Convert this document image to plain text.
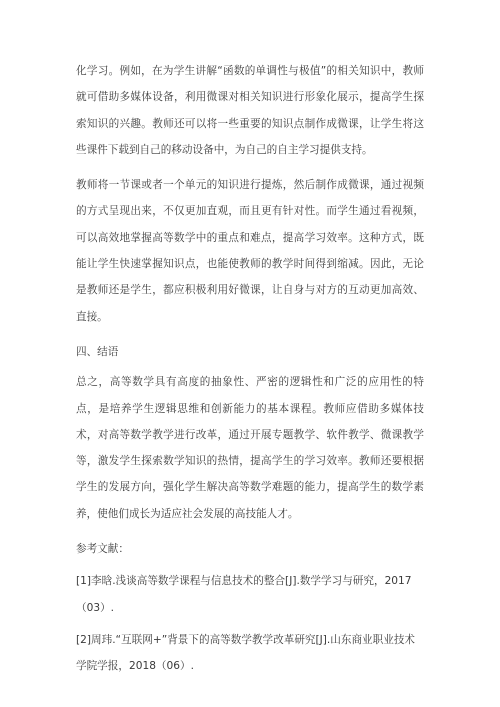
化学习。例如，在为学生讲解“函数的单调性与极值”的相关知识中，教师就可借助多媒体设备，利用微课对相关知识进行形象化展示，提高学生探索知识的兴趣。教师还可以将一些重要的知识点制作成微课，让学生将这些课件下载到自己的移动设备中，为自己的自主学习提供支持。

教师将一节课或者一个单元的知识进行提炼，然后制作成微课，通过视频的方式呈现出来，不仅更加直观，而且更有针对性。而学生通过看视频，可以高效地掌握高等数学中的重点和难点，提高学习效率。这种方式，既能让学生快速掌握知识点，也能使教师的教学时间得到缩减。因此，无论是教师还是学生，都应积极利用好微课，让自身与对方的互动更加高效、直接。

四、结语

总之，高等数学具有高度的抽象性、严密的逻辑性和广泛的应用性的特点，是培养学生逻辑思维和创新能力的基本课程。教师应借助多媒体技术，对高等数学教学进行改革，通过开展专题教学、软件教学、微课教学等，激发学生探索数学知识的热情，提高学生的学习效率。教师还要根据学生的发展方向，强化学生解决高等数学难题的能力，提高学生的数学素养，使他们成长为适应社会发展的高技能人才。

参考文献：

[1]李晗.浅谈高等数学课程与信息技术的整合[J].数学学习与研究，2017（03）.

[2]周玮.“互联网+”背景下的高等数学教学改革研究[J].山东商业职业技术学院学报，2018（06）.
